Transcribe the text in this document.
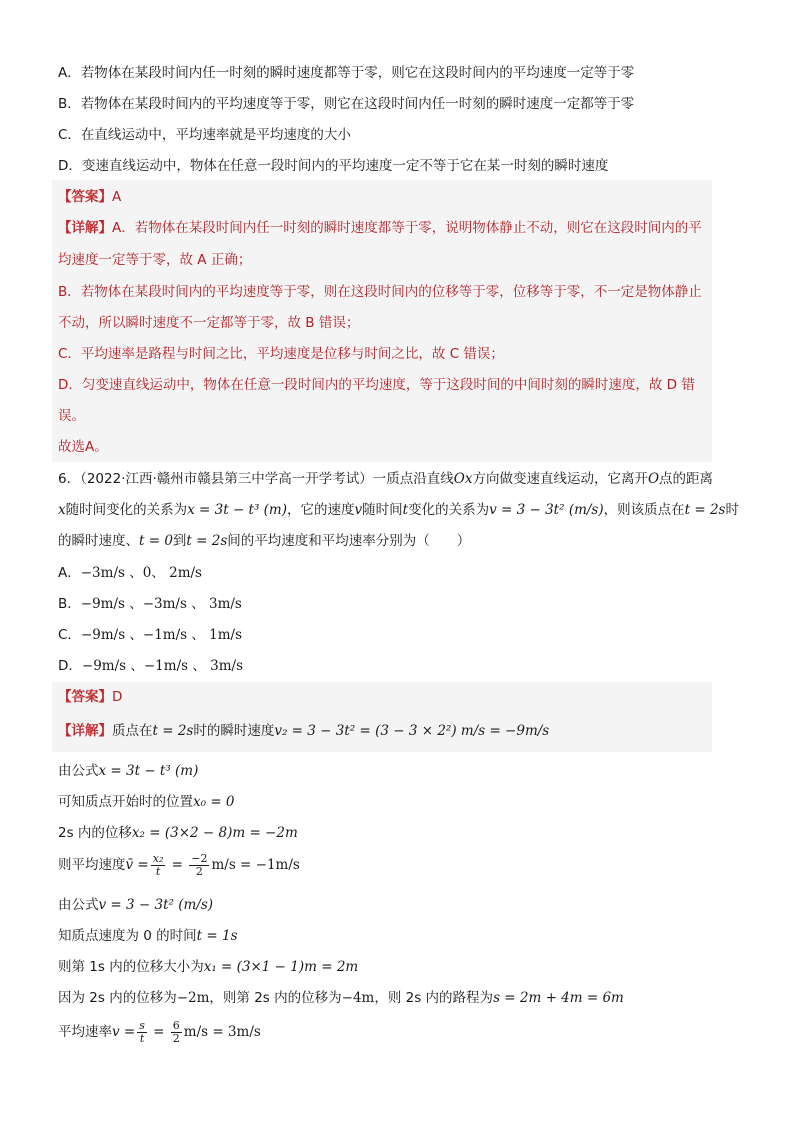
A．若物体在某段时间内任一时刻的瞬时速度都等于零，则它在这段时间内的平均速度一定等于零
B．若物体在某段时间内的平均速度等于零，则它在这段时间内任一时刻的瞬时速度一定都等于零
C．在直线运动中，平均速率就是平均速度的大小
D．变速直线运动中，物体在任意一段时间内的平均速度一定不等于它在某一时刻的瞬时速度
【答案】A
【详解】A．若物体在某段时间内任一时刻的瞬时速度都等于零，说明物体静止不动，则它在这段时间内的平
均速度一定等于零，故 A 正确；
B．若物体在某段时间内的平均速度等于零，则在这段时间内的位移等于零，位移等于零，不一定是物体静止
不动，所以瞬时速度不一定都等于零，故 B 错误；
C．平均速率是路程与时间之比，平均速度是位移与时间之比，故 C 错误；
D．匀变速直线运动中，物体在任意一段时间内的平均速度，等于这段时间的中间时刻的瞬时速度，故 D 错
误。
故选A。
6．（2022·江西·赣州市赣县第三中学高一开学考试）一质点沿直线Ox方向做变速直线运动，它离开O点的距离
x随时间变化的关系为x = 3t − t³ (m)，它的速度v随时间t变化的关系为v = 3 − 3t² (m/s)，则该质点在t = 2s时
的瞬时速度、t = 0到t = 2s间的平均速度和平均速率分别为（　　）
A．−3m/s 、0、 2m/s
B．−9m/s 、−3m/s 、 3m/s
C．−9m/s 、−1m/s 、 1m/s
D．−9m/s 、−1m/s 、 3m/s
【答案】D
【详解】质点在t = 2s时的瞬时速度v₂ = 3 − 3t² = (3 − 3 × 2²) m/s = −9m/s
由公式x = 3t − t³ (m)
可知质点开始时的位置x₀ = 0
2s 内的位移x₂ = (3×2 − 8)m = −2m
则平均速度v̄ = $\frac{\text{x₂}}{t} = \frac{-2}{2} m/s = -1m/s$
由公式v = 3 − 3t² (m/s)
知质点速度为 0 的时间t = 1s
则第 1s 内的位移大小为x₁ = (3×1 − 1)m = 2m
因为 2s 内的位移为−2m，则第 2s 内的位移为−4m，则 2s 内的路程为s = 2m + 4m = 6m
平均速率$v = \frac{s}{t} = \frac{6}{2} m/s = 3m/s$
